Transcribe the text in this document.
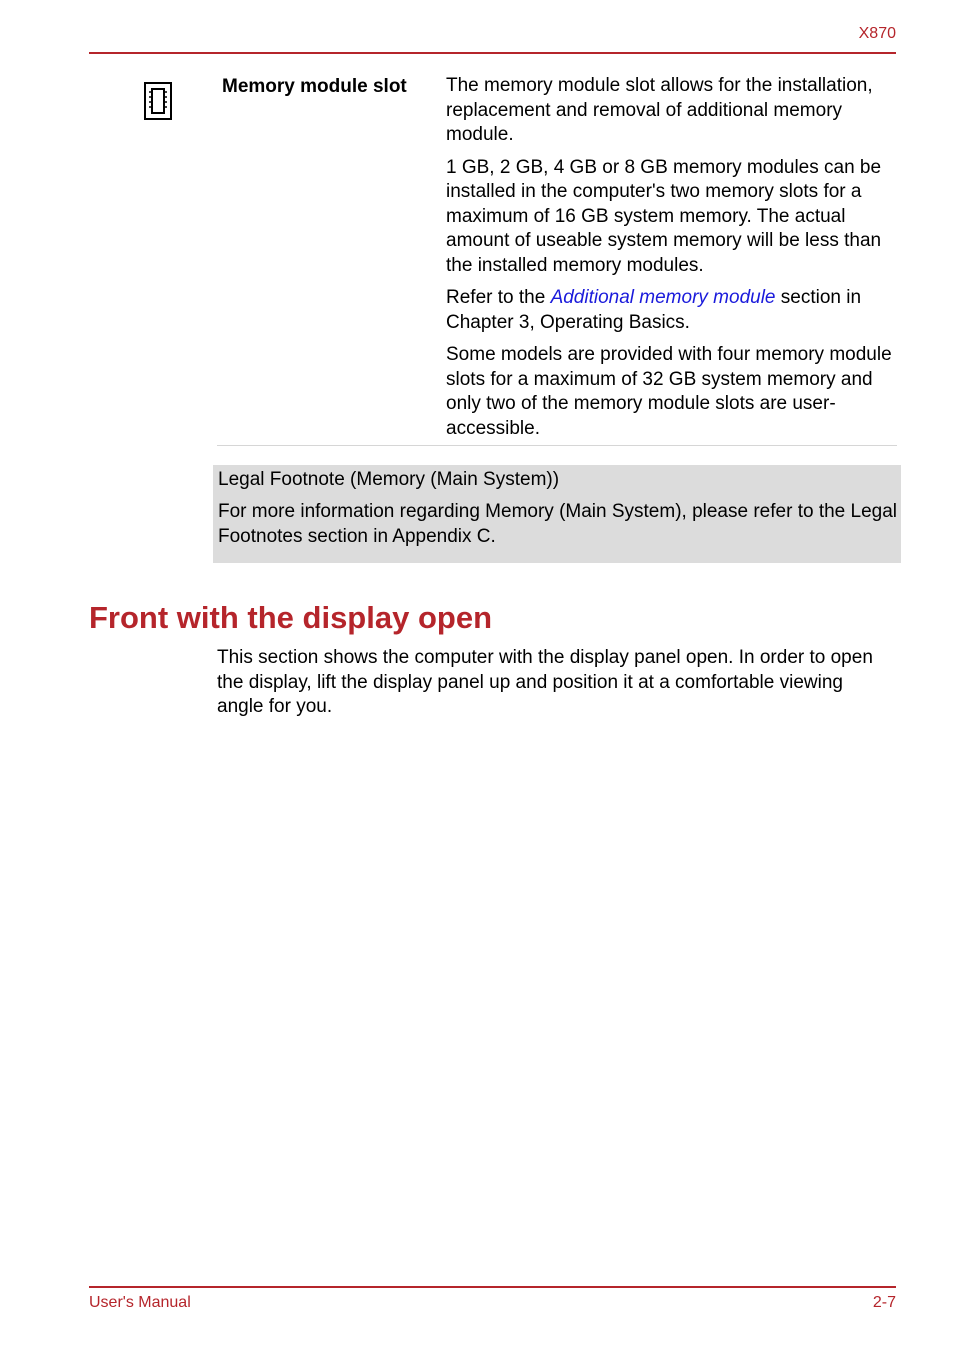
X870
Memory module slot The memory module slot allows for the installation, replacement and removal of additional memory module.

1 GB, 2 GB, 4 GB or 8 GB memory modules can be installed in the computer's two memory slots for a maximum of 16 GB system memory. The actual amount of useable system memory will be less than the installed memory modules.

Refer to the Additional memory module section in Chapter 3, Operating Basics.

Some models are provided with four memory module slots for a maximum of 32 GB system memory and only two of the memory module slots are user-accessible.

Legal Footnote (Memory (Main System))
For more information regarding Memory (Main System), please refer to the Legal Footnotes section in Appendix C.
Front with the display open

This section shows the computer with the display panel open. In order to open the display, lift the display panel up and position it at a comfortable viewing angle for you.

User's Manual	2-7
